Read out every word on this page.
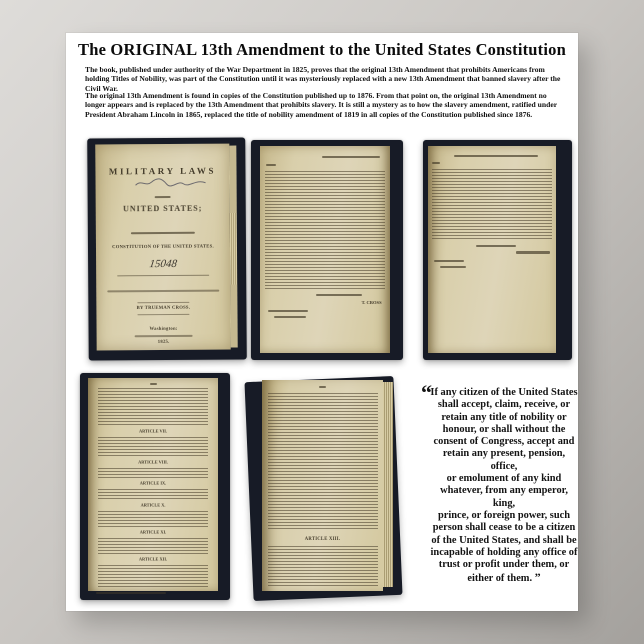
The ORIGINAL 13th Amendment to the United States Constitution
The book, published under authority of the War Department in 1825, proves that the original 13th Amendment that prohibits Americans from holding Titles of Nobility, was part of the Constitution until it was mysteriously replaced with a new 13th Amendment that banned slavery after the Civil War.
The original 13th Amendment is found in copies of the Constitution published up to 1876. From that point on, the original 13th Amendment no longer appears and is replaced by the 13th Amendment that prohibits slavery. It is still a mystery as to how the slavery amendment, ratified under President Abraham Lincoln in 1865, replaced the title of nobility amendment of 1819 in all copies of the Constitution published since 1876.
MILITARY LAWS
UNITED STATES;
CONSTITUTION OF THE UNITED STATES.
15048
BY TRUEMAN CROSS.
Washington:
1825.
T. CROSS
ARTICLE VII.
ARTICLE VIII.
ARTICLE IX.
ARTICLE X.
ARTICLE XI.
ARTICLE XII.
ARTICLE XIII.
“
If any citizen of the United States
shall accept, claim, receive, or
retain any title of nobility or
honour, or shall without the
consent of Congress, accept and
retain any present, pension, office,
or emolument of any kind
whatever, from any emperor, king,
prince, or foreign power, such
person shall cease to be a citizen
of the United States, and shall be
incapable of holding any office of
trust or profit under them, or
either of them. ”
